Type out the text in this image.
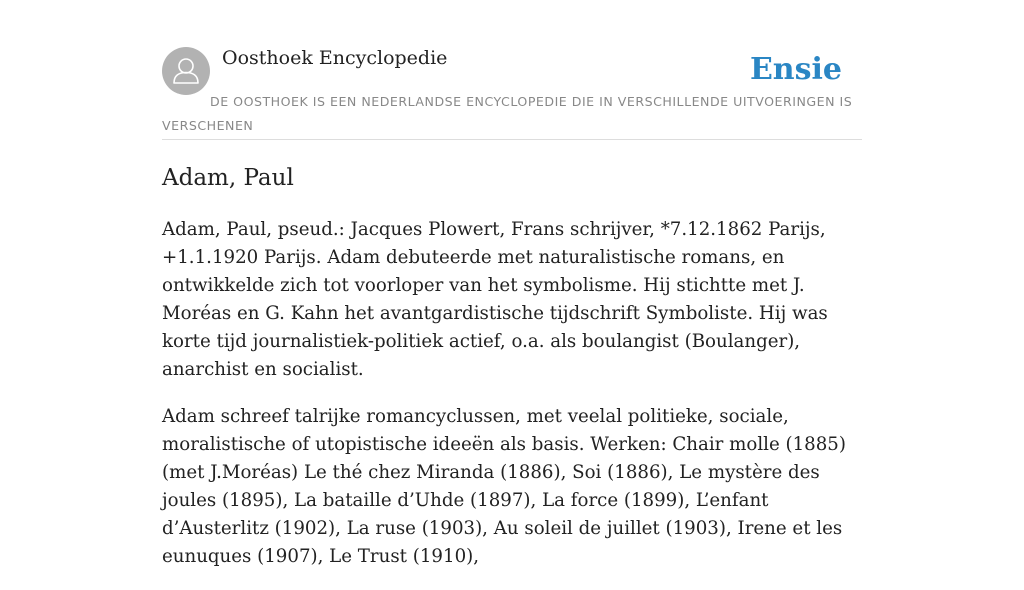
Oosthoek Encyclopedie	Ensie
DE OOSTHOEK IS EEN NEDERLANDSE ENCYCLOPEDIE DIE IN VERSCHILLENDE UITVOERINGEN IS VERSCHENEN
Adam, Paul

Adam, Paul, pseud.: Jacques Plowert, Frans schrijver, *7.12.1862 Parijs, +1.1.1920 Parijs. Adam debuteerde met naturalistische romans, en ontwikkelde zich tot voorloper van het symbolisme. Hij stichtte met J. Moréas en G. Kahn het avantgardistische tijdschrift Symboliste. Hij was korte tijd journalistiek-politiek actief, o.a. als boulangist (Boulanger), anarchist en socialist.

Adam schreef talrijke romancyclussen, met veelal politieke, sociale, moralistische of utopistische ideeën als basis. Werken: Chair molle (1885) (met J.Moréas) Le thé chez Miranda (1886), Soi (1886), Le mystère des joules (1895), La bataille d’Uhde (1897), La force (1899), L’enfant d’Austerlitz (1902), La ruse (1903), Au soleil de juillet (1903), Irene et les eunuques (1907), Le Trust (1910),
